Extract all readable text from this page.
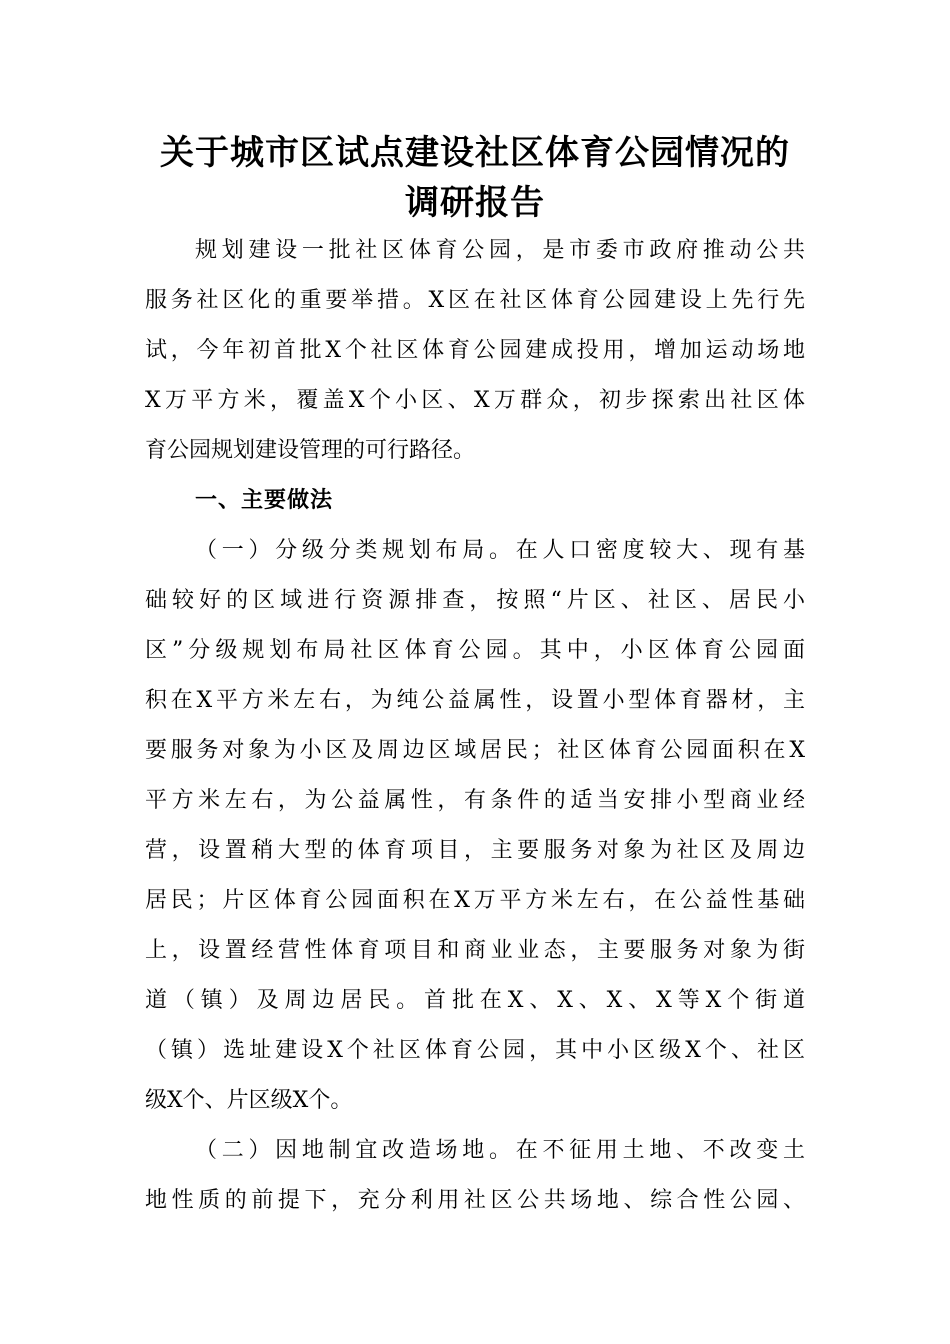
关于城市区试点建设社区体育公园情况的
调研报告
规划建设一批社区体育公园，是市委市政府推动公共
服务社区化的重要举措。X区在社区体育公园建设上先行先
试，今年初首批X个社区体育公园建成投用，增加运动场地
X万平方米，覆盖X个小区、X万群众，初步探索出社区体
育公园规划建设管理的可行路径。
一、主要做法
（一）分级分类规划布局。在人口密度较大、现有基
础较好的区域进行资源排查，按照“片区、社区、居民小
区”分级规划布局社区体育公园。其中，小区体育公园面
积在X平方米左右，为纯公益属性，设置小型体育器材，主
要服务对象为小区及周边区域居民；社区体育公园面积在X
平方米左右，为公益属性，有条件的适当安排小型商业经
营，设置稍大型的体育项目，主要服务对象为社区及周边
居民；片区体育公园面积在X万平方米左右，在公益性基础
上，设置经营性体育项目和商业业态，主要服务对象为街
道（镇）及周边居民。首批在X、X、X、X等X个街道
（镇）选址建设X个社区体育公园，其中小区级X个、社区
级X个、片区级X个。
（二）因地制宜改造场地。在不征用土地、不改变土
地性质的前提下，充分利用社区公共场地、综合性公园、
